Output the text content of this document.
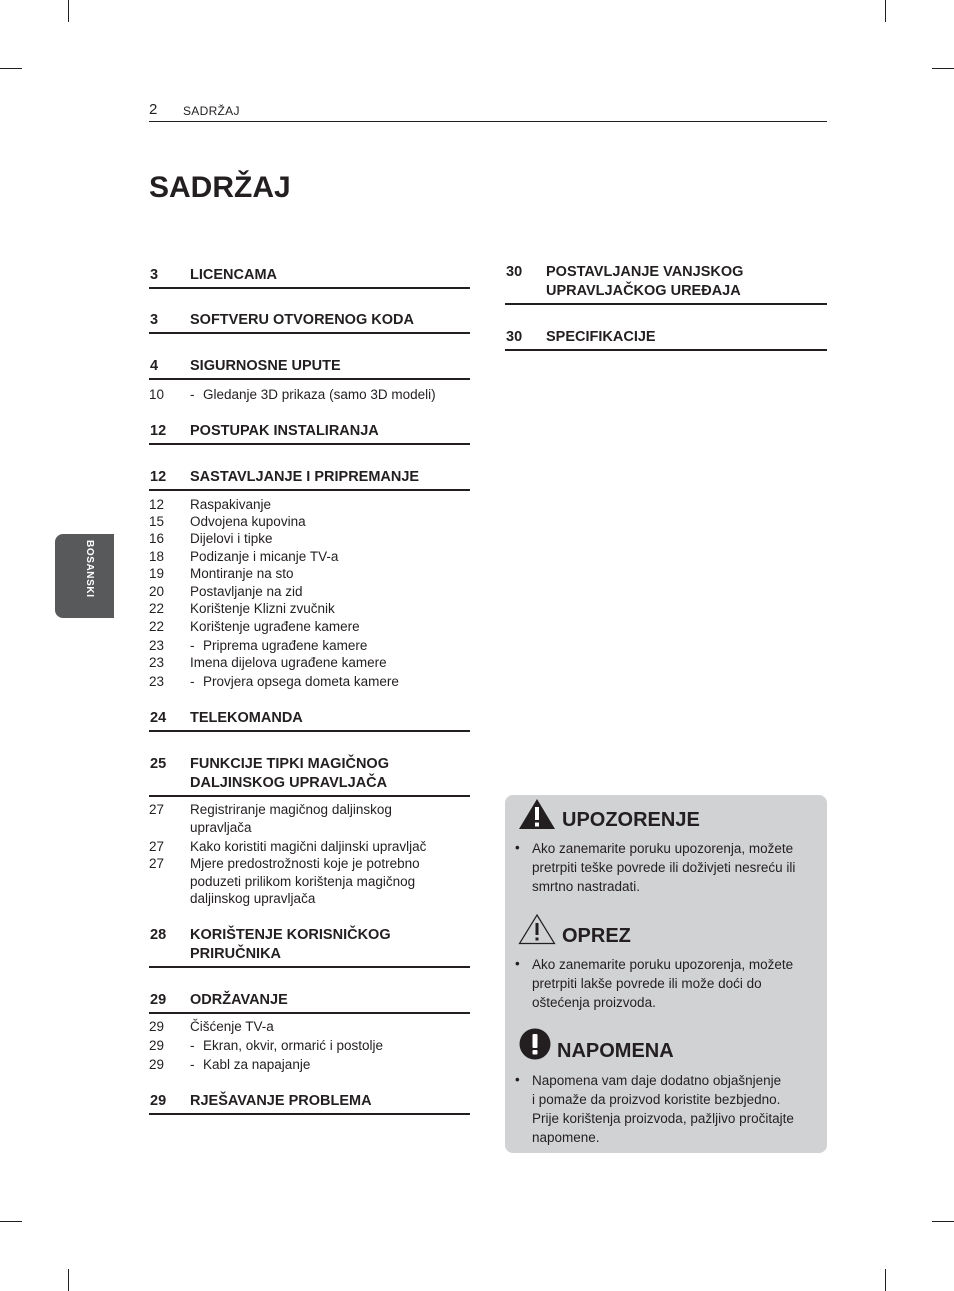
2 SADRŽAJ
SADRŽAJ
BOSANSKI
3 LICENCAMA
3 SOFTVERU OTVORENOG KODA
4 SIGURNOSNE UPUTE
10 - Gledanje 3D prikaza (samo 3D modeli)
12 POSTUPAK INSTALIRANJA
12 SASTAVLJANJE I PRIPREMANJE
12 Raspakivanje
15 Odvojena kupovina
16 Dijelovi i tipke
18 Podizanje i micanje TV-a
19 Montiranje na sto
20 Postavljanje na zid
22 Korištenje Klizni zvučnik
22 Korištenje ugrađene kamere
23 - Priprema ugrađene kamere
23 Imena dijelova ugrađene kamere
23 - Provjera opsega dometa kamere
24 TELEKOMANDA
25 FUNKCIJE TIPKI MAGIČNOG
DALJINSKOG UPRAVLJAČA
27 Registriranje magičnog daljinskog
upravljača
27 Kako koristiti magični daljinski upravljač
27 Mjere predostrožnosti koje je potrebno
poduzeti prilikom korištenja magičnog
daljinskog upravljača
28 KORIŠTENJE KORISNIČKOG
PRIRUČNIKA
29 ODRŽAVANJE
29 Čišćenje TV-a
29 - Ekran, okvir, ormarić i postolje
29 - Kabl za napajanje
29 RJEŠAVANJE PROBLEMA
30 POSTAVLJANJE VANJSKOG
UPRAVLJAČKOG UREĐAJA
30 SPECIFIKACIJE
UPOZORENJE
• Ako zanemarite poruku upozorenja, možete
pretrpiti teške povrede ili doživjeti nesreću ili
smrtno nastradati.
OPREZ
• Ako zanemarite poruku upozorenja, možete
pretrpiti lakše povrede ili može doći do
oštećenja proizvoda.
NAPOMENA
• Napomena vam daje dodatno objašnjenje
i pomaže da proizvod koristite bezbjedno.
Prije korištenja proizvoda, pažljivo pročitajte
napomene.
